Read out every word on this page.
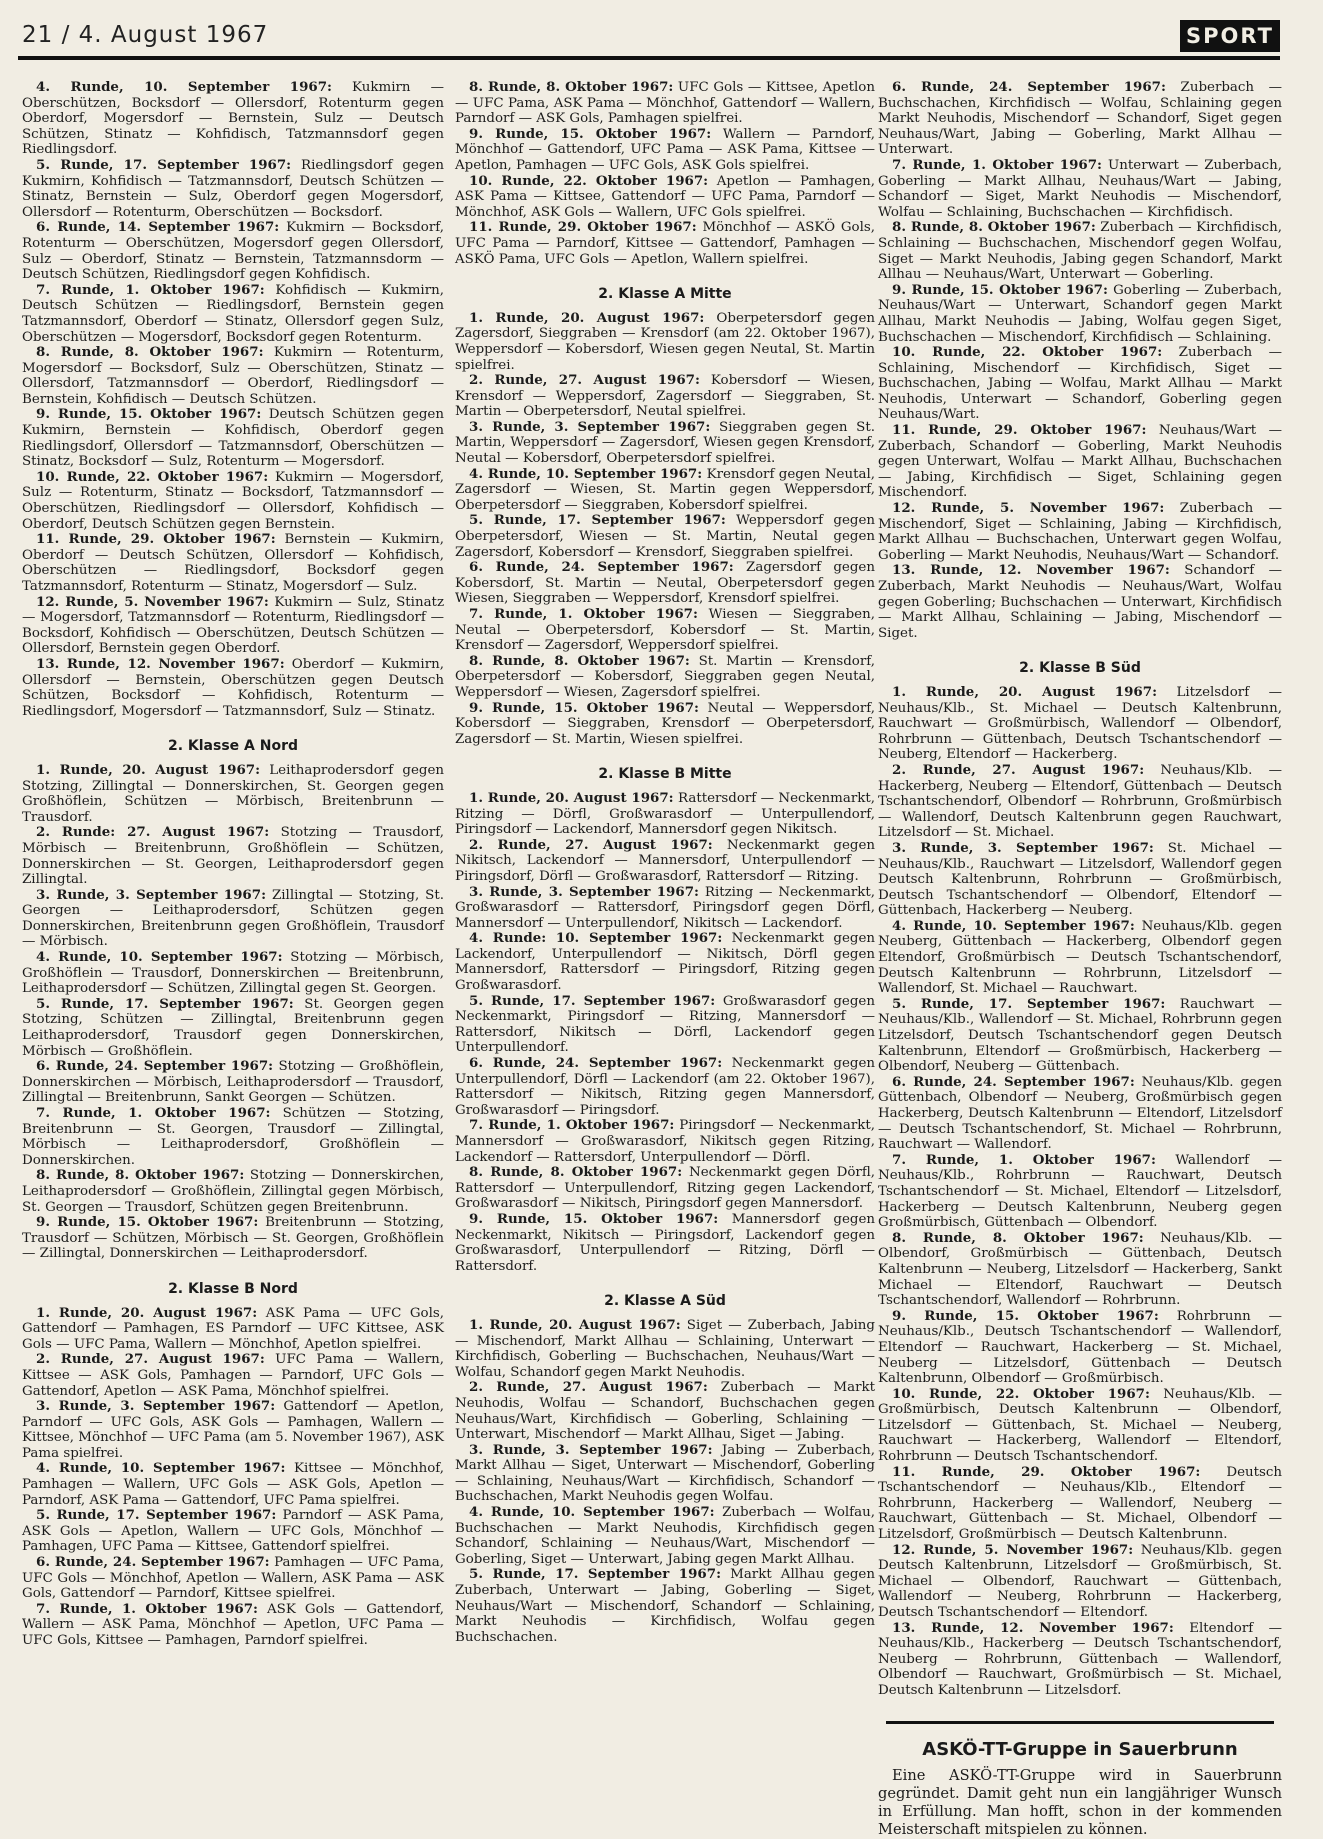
21 / 4. August 1967	SPORT

4. Runde, 10. September 1967: Kukmirn — Oberschützen, Bocksdorf — Ollersdorf, Rotenturm gegen Oberdorf, Mogersdorf — Bernstein, Sulz — Deutsch Schützen, Stinatz — Kohfidisch, Tatzmannsdorf gegen Riedlingsdorf.

5. Runde, 17. September 1967: Riedlingsdorf gegen Kukmirn, Kohfidisch — Tatzmannsdorf, Deutsch Schützen — Stinatz, Bernstein — Sulz, Oberdorf gegen Mogersdorf, Ollersdorf — Rotenturm, Oberschützen — Bocksdorf.

6. Runde, 14. September 1967: Kukmirn — Bocksdorf, Rotenturm — Oberschützen, Mogersdorf gegen Ollersdorf, Sulz — Oberdorf, Stinatz — Bernstein, Tatzmannsdorm — Deutsch Schützen, Riedlingsdorf gegen Kohfidisch.

7. Runde, 1. Oktober 1967: Kohfidisch — Kukmirn, Deutsch Schützen — Riedlingsdorf, Bernstein gegen Tatzmannsdorf, Oberdorf — Stinatz, Ollersdorf gegen Sulz, Oberschützen — Mogersdorf, Bocksdorf gegen Rotenturm.

8. Runde, 8. Oktober 1967: Kukmirn — Rotenturm, Mogersdorf — Bocksdorf, Sulz — Oberschützen, Stinatz — Ollersdorf, Tatzmannsdorf — Oberdorf, Riedlingsdorf — Bernstein, Kohfidisch — Deutsch Schützen.

9. Runde, 15. Oktober 1967: Deutsch Schützen gegen Kukmirn, Bernstein — Kohfidisch, Oberdorf gegen Riedlingsdorf, Ollersdorf — Tatzmannsdorf, Oberschützen — Stinatz, Bocksdorf — Sulz, Rotenturm — Mogersdorf.

10. Runde, 22. Oktober 1967: Kukmirn — Mogersdorf, Sulz — Rotenturm, Stinatz — Bocksdorf, Tatzmannsdorf — Oberschützen, Riedlingsdorf — Ollersdorf, Kohfidisch — Oberdorf, Deutsch Schützen gegen Bernstein.

11. Runde, 29. Oktober 1967: Bernstein — Kukmirn, Oberdorf — Deutsch Schützen, Ollersdorf — Kohfidisch, Oberschützen — Riedlingsdorf, Bocksdorf gegen Tatzmannsdorf, Rotenturm — Stinatz, Mogersdorf — Sulz.

12. Runde, 5. November 1967: Kukmirn — Sulz, Stinatz — Mogersdorf, Tatzmannsdorf — Rotenturm, Riedlingsdorf — Bocksdorf, Kohfidisch — Oberschützen, Deutsch Schützen — Ollersdorf, Bernstein gegen Oberdorf.

13. Runde, 12. November 1967: Oberdorf — Kukmirn, Ollersdorf — Bernstein, Oberschützen gegen Deutsch Schützen, Bocksdorf — Kohfidisch, Rotenturm — Riedlingsdorf, Mogersdorf — Tatzmannsdorf, Sulz — Stinatz.

2. Klasse A Nord

1. Runde, 20. August 1967: Leithaprodersdorf gegen Stotzing, Zillingtal — Donnerskirchen, St. Georgen gegen Großhöflein, Schützen — Mörbisch, Breitenbrunn — Trausdorf.

2. Runde: 27. August 1967: Stotzing — Trausdorf, Mörbisch — Breitenbrunn, Großhöflein — Schützen, Donnerskirchen — St. Georgen, Leithaprodersdorf gegen Zillingtal.

3. Runde, 3. September 1967: Zillingtal — Stotzing, St. Georgen — Leithaprodersdorf, Schützen gegen Donnerskirchen, Breitenbrunn gegen Großhöflein, Trausdorf — Mörbisch.

4. Runde, 10. September 1967: Stotzing — Mörbisch, Großhöflein — Trausdorf, Donnerskirchen — Breitenbrunn, Leithaprodersdorf — Schützen, Zillingtal gegen St. Georgen.

5. Runde, 17. September 1967: St. Georgen gegen Stotzing, Schützen — Zillingtal, Breitenbrunn gegen Leithaprodersdorf, Trausdorf gegen Donnerskirchen, Mörbisch — Großhöflein.

6. Runde, 24. September 1967: Stotzing — Großhöflein, Donnerskirchen — Mörbisch, Leithaprodersdorf — Trausdorf, Zillingtal — Breitenbrunn, Sankt Georgen — Schützen.

7. Runde, 1. Oktober 1967: Schützen — Stotzing, Breitenbrunn — St. Georgen, Trausdorf — Zillingtal, Mörbisch — Leithaprodersdorf, Großhöflein — Donnerskirchen.

8. Runde, 8. Oktober 1967: Stotzing — Donnerskirchen, Leithaprodersdorf — Großhöflein, Zillingtal gegen Mörbisch, St. Georgen — Trausdorf, Schützen gegen Breitenbrunn.

9. Runde, 15. Oktober 1967: Breitenbrunn — Stotzing, Trausdorf — Schützen, Mörbisch — St. Georgen, Großhöflein — Zillingtal, Donnerskirchen — Leithaprodersdorf.

2. Klasse B Nord

1. Runde, 20. August 1967: ASK Pama — UFC Gols, Gattendorf — Pamhagen, ES Parndorf — UFC Kittsee, ASK Gols — UFC Pama, Wallern — Mönchhof, Apetlon spielfrei.

2. Runde, 27. August 1967: UFC Pama — Wallern, Kittsee — ASK Gols, Pamhagen — Parndorf, UFC Gols — Gattendorf, Apetlon — ASK Pama, Mönchhof spielfrei.

3. Runde, 3. September 1967: Gattendorf — Apetlon, Parndorf — UFC Gols, ASK Gols — Pamhagen, Wallern — Kittsee, Mönchhof — UFC Pama (am 5. November 1967), ASK Pama spielfrei.

4. Runde, 10. September 1967: Kittsee — Mönchhof, Pamhagen — Wallern, UFC Gols — ASK Gols, Apetlon — Parndorf, ASK Pama — Gattendorf, UFC Pama spielfrei.

5. Runde, 17. September 1967: Parndorf — ASK Pama, ASK Gols — Apetlon, Wallern — UFC Gols, Mönchhof — Pamhagen, UFC Pama — Kittsee, Gattendorf spielfrei.

6. Runde, 24. September 1967: Pamhagen — UFC Pama, UFC Gols — Mönchhof, Apetlon — Wallern, ASK Pama — ASK Gols, Gattendorf — Parndorf, Kittsee spielfrei.

7. Runde, 1. Oktober 1967: ASK Gols — Gattendorf, Wallern — ASK Pama, Mönchhof — Apetlon, UFC Pama — UFC Gols, Kittsee — Pamhagen, Parndorf spielfrei.

8. Runde, 8. Oktober 1967: UFC Gols — Kittsee, Apetlon — UFC Pama, ASK Pama — Mönchhof, Gattendorf — Wallern, Parndorf — ASK Gols, Pamhagen spielfrei.

9. Runde, 15. Oktober 1967: Wallern — Parndorf, Mönchhof — Gattendorf, UFC Pama — ASK Pama, Kittsee — Apetlon, Pamhagen — UFC Gols, ASK Gols spielfrei.

10. Runde, 22. Oktober 1967: Apetlon — Pamhagen, ASK Pama — Kittsee, Gattendorf — UFC Pama, Parndorf — Mönchhof, ASK Gols — Wallern, UFC Gols spielfrei.

11. Runde, 29. Oktober 1967: Mönchhof — ASKÖ Gols, UFC Pama — Parndorf, Kittsee — Gattendorf, Pamhagen — ASKÖ Pama, UFC Gols — Apetlon, Wallern spielfrei.

2. Klasse A Mitte

1. Runde, 20. August 1967: Oberpetersdorf gegen Zagersdorf, Sieggraben — Krensdorf (am 22. Oktober 1967), Weppersdorf — Kobersdorf, Wiesen gegen Neutal, St. Martin spielfrei.

2. Runde, 27. August 1967: Kobersdorf — Wiesen, Krensdorf — Weppersdorf, Zagersdorf — Sieggraben, St. Martin — Oberpetersdorf, Neutal spielfrei.

3. Runde, 3. September 1967: Sieggraben gegen St. Martin, Weppersdorf — Zagersdorf, Wiesen gegen Krensdorf, Neutal — Kobersdorf, Oberpetersdorf spielfrei.

4. Runde, 10. September 1967: Krensdorf gegen Neutal, Zagersdorf — Wiesen, St. Martin gegen Weppersdorf, Oberpetersdorf — Sieggraben, Kobersdorf spielfrei.

5. Runde, 17. September 1967: Weppersdorf gegen Oberpetersdorf, Wiesen — St. Martin, Neutal gegen Zagersdorf, Kobersdorf — Krensdorf, Sieggraben spielfrei.

6. Runde, 24. September 1967: Zagersdorf gegen Kobersdorf, St. Martin — Neutal, Oberpetersdorf gegen Wiesen, Sieggraben — Weppersdorf, Krensdorf spielfrei.

7. Runde, 1. Oktober 1967: Wiesen — Sieggraben, Neutal — Oberpetersdorf, Kobersdorf — St. Martin, Krensdorf — Zagersdorf, Weppersdorf spielfrei.

8. Runde, 8. Oktober 1967: St. Martin — Krensdorf, Oberpetersdorf — Kobersdorf, Sieggraben gegen Neutal, Weppersdorf — Wiesen, Zagersdorf spielfrei.

9. Runde, 15. Oktober 1967: Neutal — Weppersdorf, Kobersdorf — Sieggraben, Krensdorf — Oberpetersdorf, Zagersdorf — St. Martin, Wiesen spielfrei.

2. Klasse B Mitte

1. Runde, 20. August 1967: Rattersdorf — Neckenmarkt, Ritzing — Dörfl, Großwarasdorf — Unterpullendorf, Piringsdorf — Lackendorf, Mannersdorf gegen Nikitsch.

2. Runde, 27. August 1967: Neckenmarkt gegen Nikitsch, Lackendorf — Mannersdorf, Unterpullendorf — Piringsdorf, Dörfl — Großwarasdorf, Rattersdorf — Ritzing.

3. Runde, 3. September 1967: Ritzing — Neckenmarkt, Großwarasdorf — Rattersdorf, Piringsdorf gegen Dörfl, Mannersdorf — Unterpullendorf, Nikitsch — Lackendorf.

4. Runde: 10. September 1967: Neckenmarkt gegen Lackendorf, Unterpullendorf — Nikitsch, Dörfl gegen Mannersdorf, Rattersdorf — Piringsdorf, Ritzing gegen Großwarasdorf.

5. Runde, 17. September 1967: Großwarasdorf gegen Neckenmarkt, Piringsdorf — Ritzing, Mannersdorf — Rattersdorf, Nikitsch — Dörfl, Lackendorf gegen Unterpullendorf.

6. Runde, 24. September 1967: Neckenmarkt gegen Unterpullendorf, Dörfl — Lackendorf (am 22. Oktober 1967), Rattersdorf — Nikitsch, Ritzing gegen Mannersdorf, Großwarasdorf — Piringsdorf.

7. Runde, 1. Oktober 1967: Piringsdorf — Neckenmarkt, Mannersdorf — Großwarasdorf, Nikitsch gegen Ritzing, Lackendorf — Rattersdorf, Unterpullendorf — Dörfl.

8. Runde, 8. Oktober 1967: Neckenmarkt gegen Dörfl, Rattersdorf — Unterpullendorf, Ritzing gegen Lackendorf, Großwarasdorf — Nikitsch, Piringsdorf gegen Mannersdorf.

9. Runde, 15. Oktober 1967: Mannersdorf gegen Neckenmarkt, Nikitsch — Piringsdorf, Lackendorf gegen Großwarasdorf, Unterpullendorf — Ritzing, Dörfl — Rattersdorf.

2. Klasse A Süd

1. Runde, 20. August 1967: Siget — Zuberbach, Jabing — Mischendorf, Markt Allhau — Schlaining, Unterwart — Kirchfidisch, Goberling — Buchschachen, Neuhaus/Wart — Wolfau, Schandorf gegen Markt Neuhodis.

2. Runde, 27. August 1967: Zuberbach — Markt Neuhodis, Wolfau — Schandorf, Buchschachen gegen Neuhaus/Wart, Kirchfidisch — Goberling, Schlaining — Unterwart, Mischendorf — Markt Allhau, Siget — Jabing.

3. Runde, 3. September 1967: Jabing — Zuberbach, Markt Allhau — Siget, Unterwart — Mischendorf, Goberling — Schlaining, Neuhaus/Wart — Kirchfidisch, Schandorf — Buchschachen, Markt Neuhodis gegen Wolfau.

4. Runde, 10. September 1967: Zuberbach — Wolfau, Buchschachen — Markt Neuhodis, Kirchfidisch gegen Schandorf, Schlaining — Neuhaus/Wart, Mischendorf — Goberling, Siget — Unterwart, Jabing gegen Markt Allhau.

5. Runde, 17. September 1967: Markt Allhau gegen Zuberbach, Unterwart — Jabing, Goberling — Siget, Neuhaus/Wart — Mischendorf, Schandorf — Schlaining, Markt Neuhodis — Kirchfidisch, Wolfau gegen Buchschachen.

6. Runde, 24. September 1967: Zuberbach — Buchschachen, Kirchfidisch — Wolfau, Schlaining gegen Markt Neuhodis, Mischendorf — Schandorf, Siget gegen Neuhaus/Wart, Jabing — Goberling, Markt Allhau — Unterwart.

7. Runde, 1. Oktober 1967: Unterwart — Zuberbach, Goberling — Markt Allhau, Neuhaus/Wart — Jabing, Schandorf — Siget, Markt Neuhodis — Mischendorf, Wolfau — Schlaining, Buchschachen — Kirchfidisch.

8. Runde, 8. Oktober 1967: Zuberbach — Kirchfidisch, Schlaining — Buchschachen, Mischendorf gegen Wolfau, Siget — Markt Neuhodis, Jabing gegen Schandorf, Markt Allhau — Neuhaus/Wart, Unterwart — Goberling.

9. Runde, 15. Oktober 1967: Goberling — Zuberbach, Neuhaus/Wart — Unterwart, Schandorf gegen Markt Allhau, Markt Neuhodis — Jabing, Wolfau gegen Siget, Buchschachen — Mischendorf, Kirchfidisch — Schlaining.

10. Runde, 22. Oktober 1967: Zuberbach — Schlaining, Mischendorf — Kirchfidisch, Siget — Buchschachen, Jabing — Wolfau, Markt Allhau — Markt Neuhodis, Unterwart — Schandorf, Goberling gegen Neuhaus/Wart.

11. Runde, 29. Oktober 1967: Neuhaus/Wart — Zuberbach, Schandorf — Goberling, Markt Neuhodis gegen Unterwart, Wolfau — Markt Allhau, Buchschachen — Jabing, Kirchfidisch — Siget, Schlaining gegen Mischendorf.

12. Runde, 5. November 1967: Zuberbach — Mischendorf, Siget — Schlaining, Jabing — Kirchfidisch, Markt Allhau — Buchschachen, Unterwart gegen Wolfau, Goberling — Markt Neuhodis, Neuhaus/Wart — Schandorf.

13. Runde, 12. November 1967: Schandorf — Zuberbach, Markt Neuhodis — Neuhaus/Wart, Wolfau gegen Goberling; Buchschachen — Unterwart, Kirchfidisch — Markt Allhau, Schlaining — Jabing, Mischendorf — Siget.

2. Klasse B Süd

1. Runde, 20. August 1967: Litzelsdorf — Neuhaus/Klb., St. Michael — Deutsch Kaltenbrunn, Rauchwart — Großmürbisch, Wallendorf — Olbendorf, Rohrbrunn — Güttenbach, Deutsch Tschantschendorf — Neuberg, Eltendorf — Hackerberg.

2. Runde, 27. August 1967: Neuhaus/Klb. — Hackerberg, Neuberg — Eltendorf, Güttenbach — Deutsch Tschantschendorf, Olbendorf — Rohrbrunn, Großmürbisch — Wallendorf, Deutsch Kaltenbrunn gegen Rauchwart, Litzelsdorf — St. Michael.

3. Runde, 3. September 1967: St. Michael — Neuhaus/Klb., Rauchwart — Litzelsdorf, Wallendorf gegen Deutsch Kaltenbrunn, Rohrbrunn — Großmürbisch, Deutsch Tschantschendorf — Olbendorf, Eltendorf — Güttenbach, Hackerberg — Neuberg.

4. Runde, 10. September 1967: Neuhaus/Klb. gegen Neuberg, Güttenbach — Hackerberg, Olbendorf gegen Eltendorf, Großmürbisch — Deutsch Tschantschendorf, Deutsch Kaltenbrunn — Rohrbrunn, Litzelsdorf — Wallendorf, St. Michael — Rauchwart.

5. Runde, 17. September 1967: Rauchwart — Neuhaus/Klb., Wallendorf — St. Michael, Rohrbrunn gegen Litzelsdorf, Deutsch Tschantschendorf gegen Deutsch Kaltenbrunn, Eltendorf — Großmürbisch, Hackerberg — Olbendorf, Neuberg — Güttenbach.

6. Runde, 24. September 1967: Neuhaus/Klb. gegen Güttenbach, Olbendorf — Neuberg, Großmürbisch gegen Hackerberg, Deutsch Kaltenbrunn — Eltendorf, Litzelsdorf — Deutsch Tschantschendorf, St. Michael — Rohrbrunn, Rauchwart — Wallendorf.

7. Runde, 1. Oktober 1967: Wallendorf — Neuhaus/Klb., Rohrbrunn — Rauchwart, Deutsch Tschantschendorf — St. Michael, Eltendorf — Litzelsdorf, Hackerberg — Deutsch Kaltenbrunn, Neuberg gegen Großmürbisch, Güttenbach — Olbendorf.

8. Runde, 8. Oktober 1967: Neuhaus/Klb. — Olbendorf, Großmürbisch — Güttenbach, Deutsch Kaltenbrunn — Neuberg, Litzelsdorf — Hackerberg, Sankt Michael — Eltendorf, Rauchwart — Deutsch Tschantschendorf, Wallendorf — Rohrbrunn.

9. Runde, 15. Oktober 1967: Rohrbrunn — Neuhaus/Klb., Deutsch Tschantschendorf — Wallendorf, Eltendorf — Rauchwart, Hackerberg — St. Michael, Neuberg — Litzelsdorf, Güttenbach — Deutsch Kaltenbrunn, Olbendorf — Großmürbisch.

10. Runde, 22. Oktober 1967: Neuhaus/Klb. — Großmürbisch, Deutsch Kaltenbrunn — Olbendorf, Litzelsdorf — Güttenbach, St. Michael — Neuberg, Rauchwart — Hackerberg, Wallendorf — Eltendorf, Rohrbrunn — Deutsch Tschantschendorf.

11. Runde, 29. Oktober 1967: Deutsch Tschantschendorf — Neuhaus/Klb., Eltendorf — Rohrbrunn, Hackerberg — Wallendorf, Neuberg — Rauchwart, Güttenbach — St. Michael, Olbendorf — Litzelsdorf, Großmürbisch — Deutsch Kaltenbrunn.

12. Runde, 5. November 1967: Neuhaus/Klb. gegen Deutsch Kaltenbrunn, Litzelsdorf — Großmürbisch, St. Michael — Olbendorf, Rauchwart — Güttenbach, Wallendorf — Neuberg, Rohrbrunn — Hackerberg, Deutsch Tschantschendorf — Eltendorf.

13. Runde, 12. November 1967: Eltendorf — Neuhaus/Klb., Hackerberg — Deutsch Tschantschendorf, Neuberg — Rohrbrunn, Güttenbach — Wallendorf, Olbendorf — Rauchwart, Großmürbisch — St. Michael, Deutsch Kaltenbrunn — Litzelsdorf.

ASKÖ-TT-Gruppe in Sauerbrunn

Eine ASKÖ-TT-Gruppe wird in Sauerbrunn gegründet. Damit geht nun ein langjähriger Wunsch in Erfüllung. Man hofft, schon in der kommenden Meisterschaft mitspielen zu können.
